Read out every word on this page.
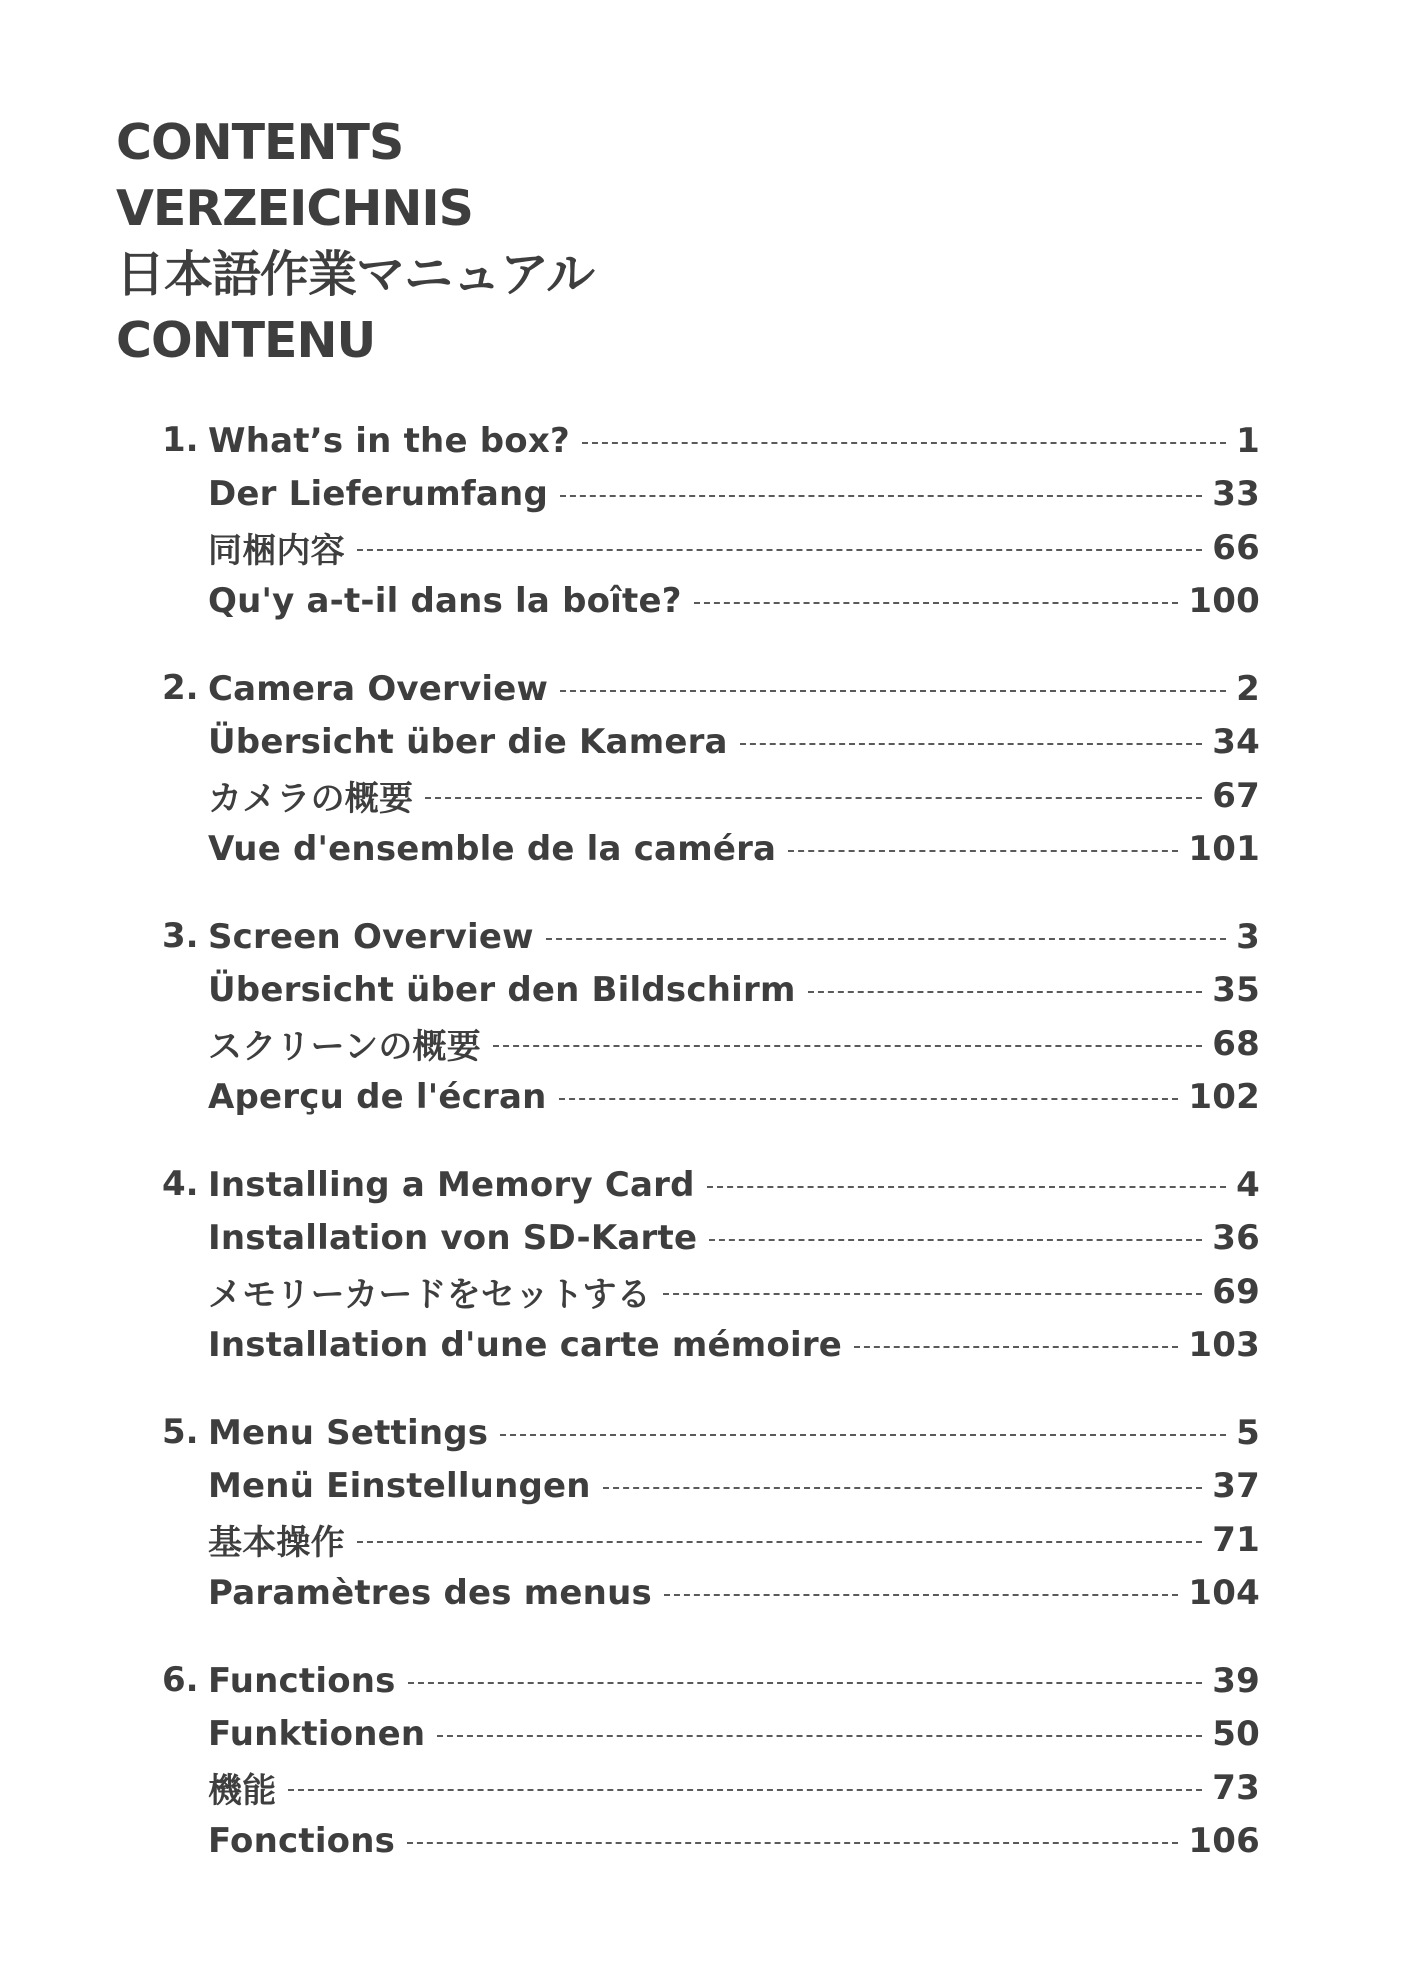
CONTENTS
VERZEICHNIS
日本語作業マニュアル
CONTENU
1. What’s in the box?	1
Der Lieferumfang	33
同梱内容	66
Qu'y a-t-il dans la boîte?	100
2. Camera Overview	2
Übersicht über die Kamera	34
カメラの概要	67
Vue d'ensemble de la caméra	101
3. Screen Overview	3
Übersicht über den Bildschirm	35
スクリーンの概要	68
Aperçu de l'écran	102
4. Installing a Memory Card	4
Installation von SD-Karte	36
メモリーカードをセットする	69
Installation d'une carte mémoire	103
5. Menu Settings	5
Menü Einstellungen	37
基本操作	71
Paramètres des menus	104
6. Functions	39
Funktionen	50
機能	73
Fonctions	106
